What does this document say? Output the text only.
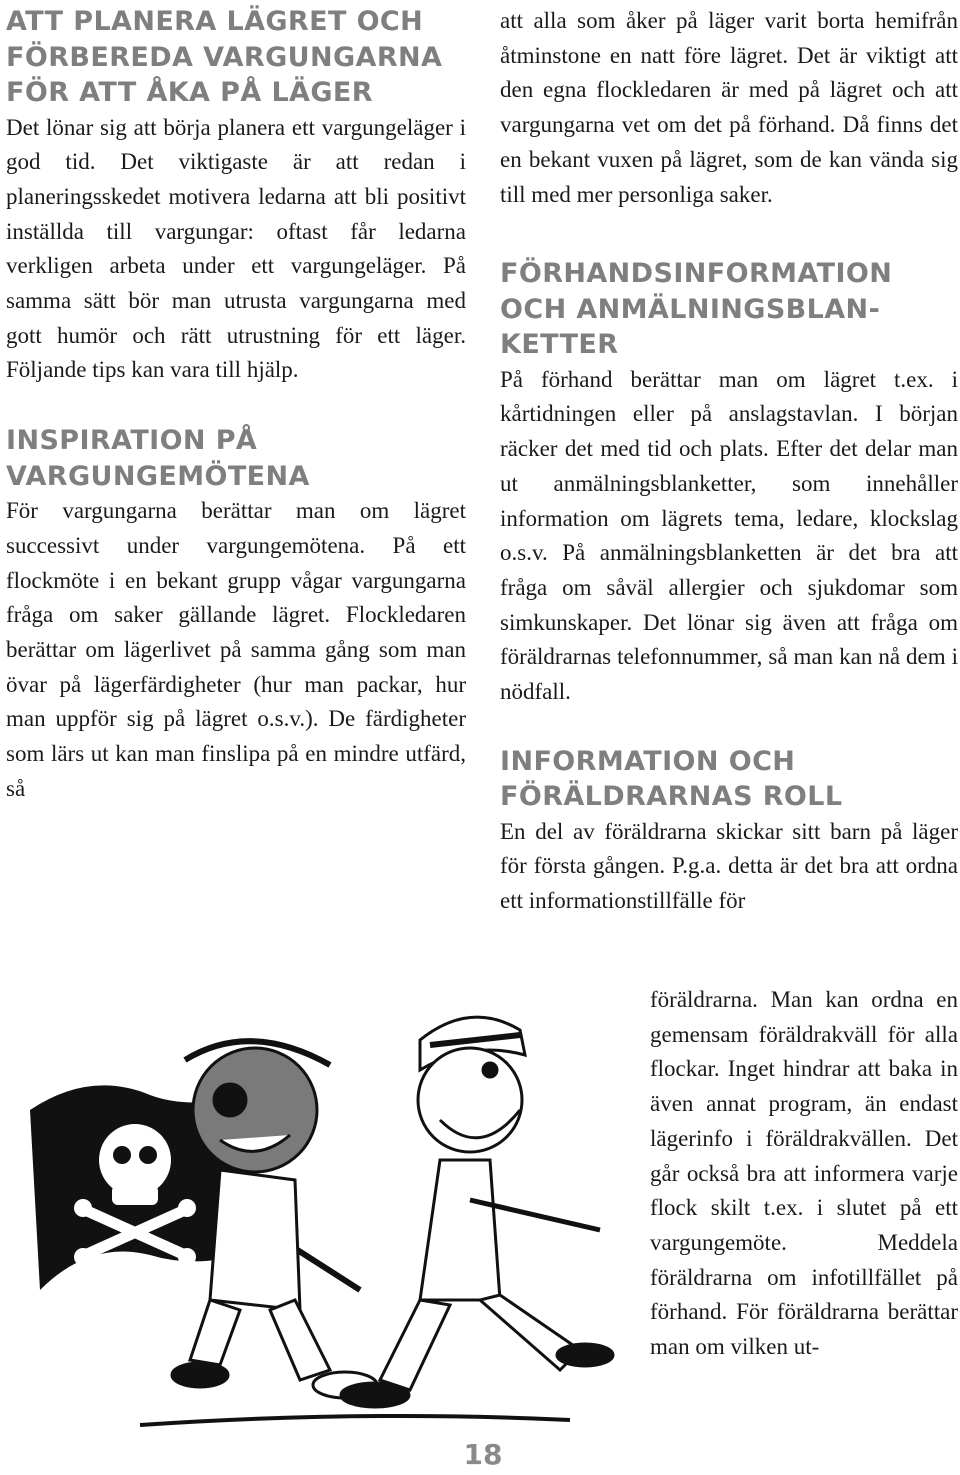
ATT PLANERA LÄGRET OCH FÖRBEREDA VARGUNGARNA FÖR ATT ÅKA PÅ LÄGER

Det lönar sig att börja planera ett vargungeläger i god tid. Det viktigaste är att redan i planeringsskedet motivera ledarna att bli positivt inställda till vargungar: oftast får ledarna verkligen arbeta under ett vargungeläger. På samma sätt bör man utrusta vargungarna med gott humör och rätt utrustning för ett läger. Följande tips kan vara till hjälp.

INSPIRATION PÅ VARGUNGEMÖTENA

För vargungarna berättar man om lägret successivt under vargungemötena. På ett flockmöte i en bekant grupp vågar vargungarna fråga om saker gällande lägret. Flockledaren berättar om lägerlivet på samma gång som man övar på lägerfärdigheter (hur man packar, hur man uppför sig på lägret o.s.v.). De färdigheter som lärs ut kan man finslipa på en mindre utfärd, så

att alla som åker på läger varit borta hemifrån åtminstone en natt före lägret. Det är viktigt att den egna flockledaren är med på lägret och att vargungarna vet om det på förhand. Då finns det en bekant vuxen på lägret, som de kan vända sig till med mer personliga saker.

FÖRHANDSINFORMATION OCH ANMÄLNINGSBLANKETTER

På förhand berättar man om lägret t.ex. i kårtidningen eller på anslagstavlan. I början räcker det med tid och plats. Efter det delar man ut anmälningsblanketter, som innehåller information om lägrets tema, ledare, klockslag o.s.v. På anmälningsblanketten är det bra att fråga om såväl allergier och sjukdomar som simkunskaper. Det lönar sig även att fråga om föräldrarnas telefonnummer, så man kan nå dem i nödfall.

INFORMATION OCH FÖRÄLDRARNAS ROLL

En del av föräldrarna skickar sitt barn på läger för första gången. P.g.a. detta är det bra att ordna ett informationstillfälle för

föräldrarna. Man kan ordna en gemensam föräldrakväll för alla flockar. Inget hindrar att baka in även annat program, än endast lägerinfo i föräldrakvällen. Det går också bra att informera varje flock skilt t.ex. i slutet på ett vargungemöte. Meddela föräldrarna om infotillfället på förhand. För föräldrarna berättar man om vilken ut-

18
